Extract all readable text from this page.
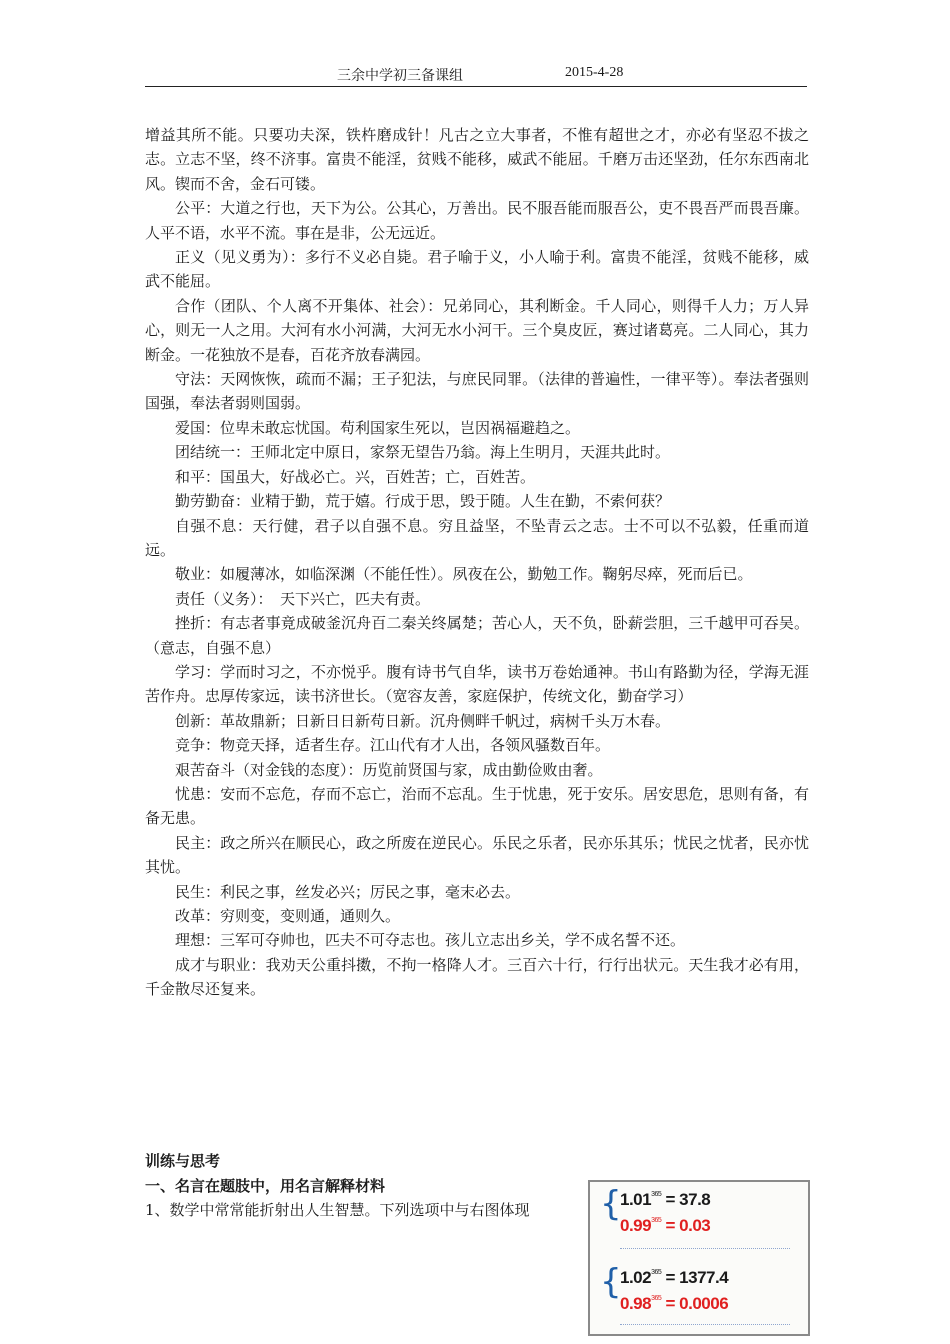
三余中学初三备课组	2015-4-28

增益其所不能。只要功夫深，铁杵磨成针！凡古之立大事者，不惟有超世之才，亦必有坚忍不拔之志。立志不坚，终不济事。富贵不能淫，贫贱不能移，威武不能屈。千磨万击还坚劲，任尔东西南北风。锲而不舍，金石可镂。

公平：大道之行也，天下为公。公其心，万善出。民不服吾能而服吾公，吏不畏吾严而畏吾廉。人平不语，水平不流。事在是非，公无远近。

正义（见义勇为）：多行不义必自毙。君子喻于义，小人喻于利。富贵不能淫，贫贱不能移，威武不能屈。

合作（团队、个人离不开集体、社会）：兄弟同心，其利断金。千人同心，则得千人力；万人异心，则无一人之用。大河有水小河满，大河无水小河干。三个臭皮匠，赛过诸葛亮。二人同心，其力断金。一花独放不是春，百花齐放春满园。

守法：天网恢恢，疏而不漏；王子犯法，与庶民同罪。（法律的普遍性，一律平等）。奉法者强则国强，奉法者弱则国弱。

爱国：位卑未敢忘忧国。苟利国家生死以，岂因祸福避趋之。

团结统一：王师北定中原日，家祭无望告乃翁。海上生明月，天涯共此时。

和平：国虽大，好战必亡。兴，百姓苦；亡，百姓苦。

勤劳勤奋：业精于勤，荒于嬉。行成于思，毁于随。人生在勤，不索何获？

自强不息：天行健，君子以自强不息。穷且益坚，不坠青云之志。士不可以不弘毅，任重而道远。

敬业：如履薄冰，如临深渊（不能任性）。夙夜在公，勤勉工作。鞠躬尽瘁，死而后已。

责任（义务）：　天下兴亡，匹夫有责。

挫折：有志者事竟成破釜沉舟百二秦关终属楚；苦心人，天不负，卧薪尝胆，三千越甲可吞吴。（意志，自强不息）

学习：学而时习之，不亦悦乎。腹有诗书气自华，读书万卷始通神。书山有路勤为径，学海无涯苦作舟。忠厚传家远，读书济世长。（宽容友善，家庭保护，传统文化，勤奋学习）

创新：革故鼎新；日新日日新苟日新。沉舟侧畔千帆过，病树千头万木春。

竞争：物竞天择，适者生存。江山代有才人出，各领风骚数百年。

艰苦奋斗（对金钱的态度）：历览前贤国与家，成由勤俭败由奢。

忧患：安而不忘危，存而不忘亡，治而不忘乱。生于忧患，死于安乐。居安思危，思则有备，有备无患。

民主：政之所兴在顺民心，政之所废在逆民心。乐民之乐者，民亦乐其乐；忧民之忧者，民亦忧其忧。

民生：利民之事，丝发必兴；厉民之事，毫末必去。

改革：穷则变，变则通，通则久。

理想：三军可夺帅也，匹夫不可夺志也。孩儿立志出乡关，学不成名誓不还。

成才与职业：我劝天公重抖擞，不拘一格降人才。三百六十行，行行出状元。天生我才必有用，千金散尽还复来。

训练与思考

一、名言在题肢中，用名言解释材料

1、数学中常常能折射出人生智慧。下列选项中与右图体现	{
$1.01^{365} = 37.8$
$0.99^{365} = 0.03$
{
$1.02^{365} = 1377.4$
$0.98^{365} = 0.0006$
